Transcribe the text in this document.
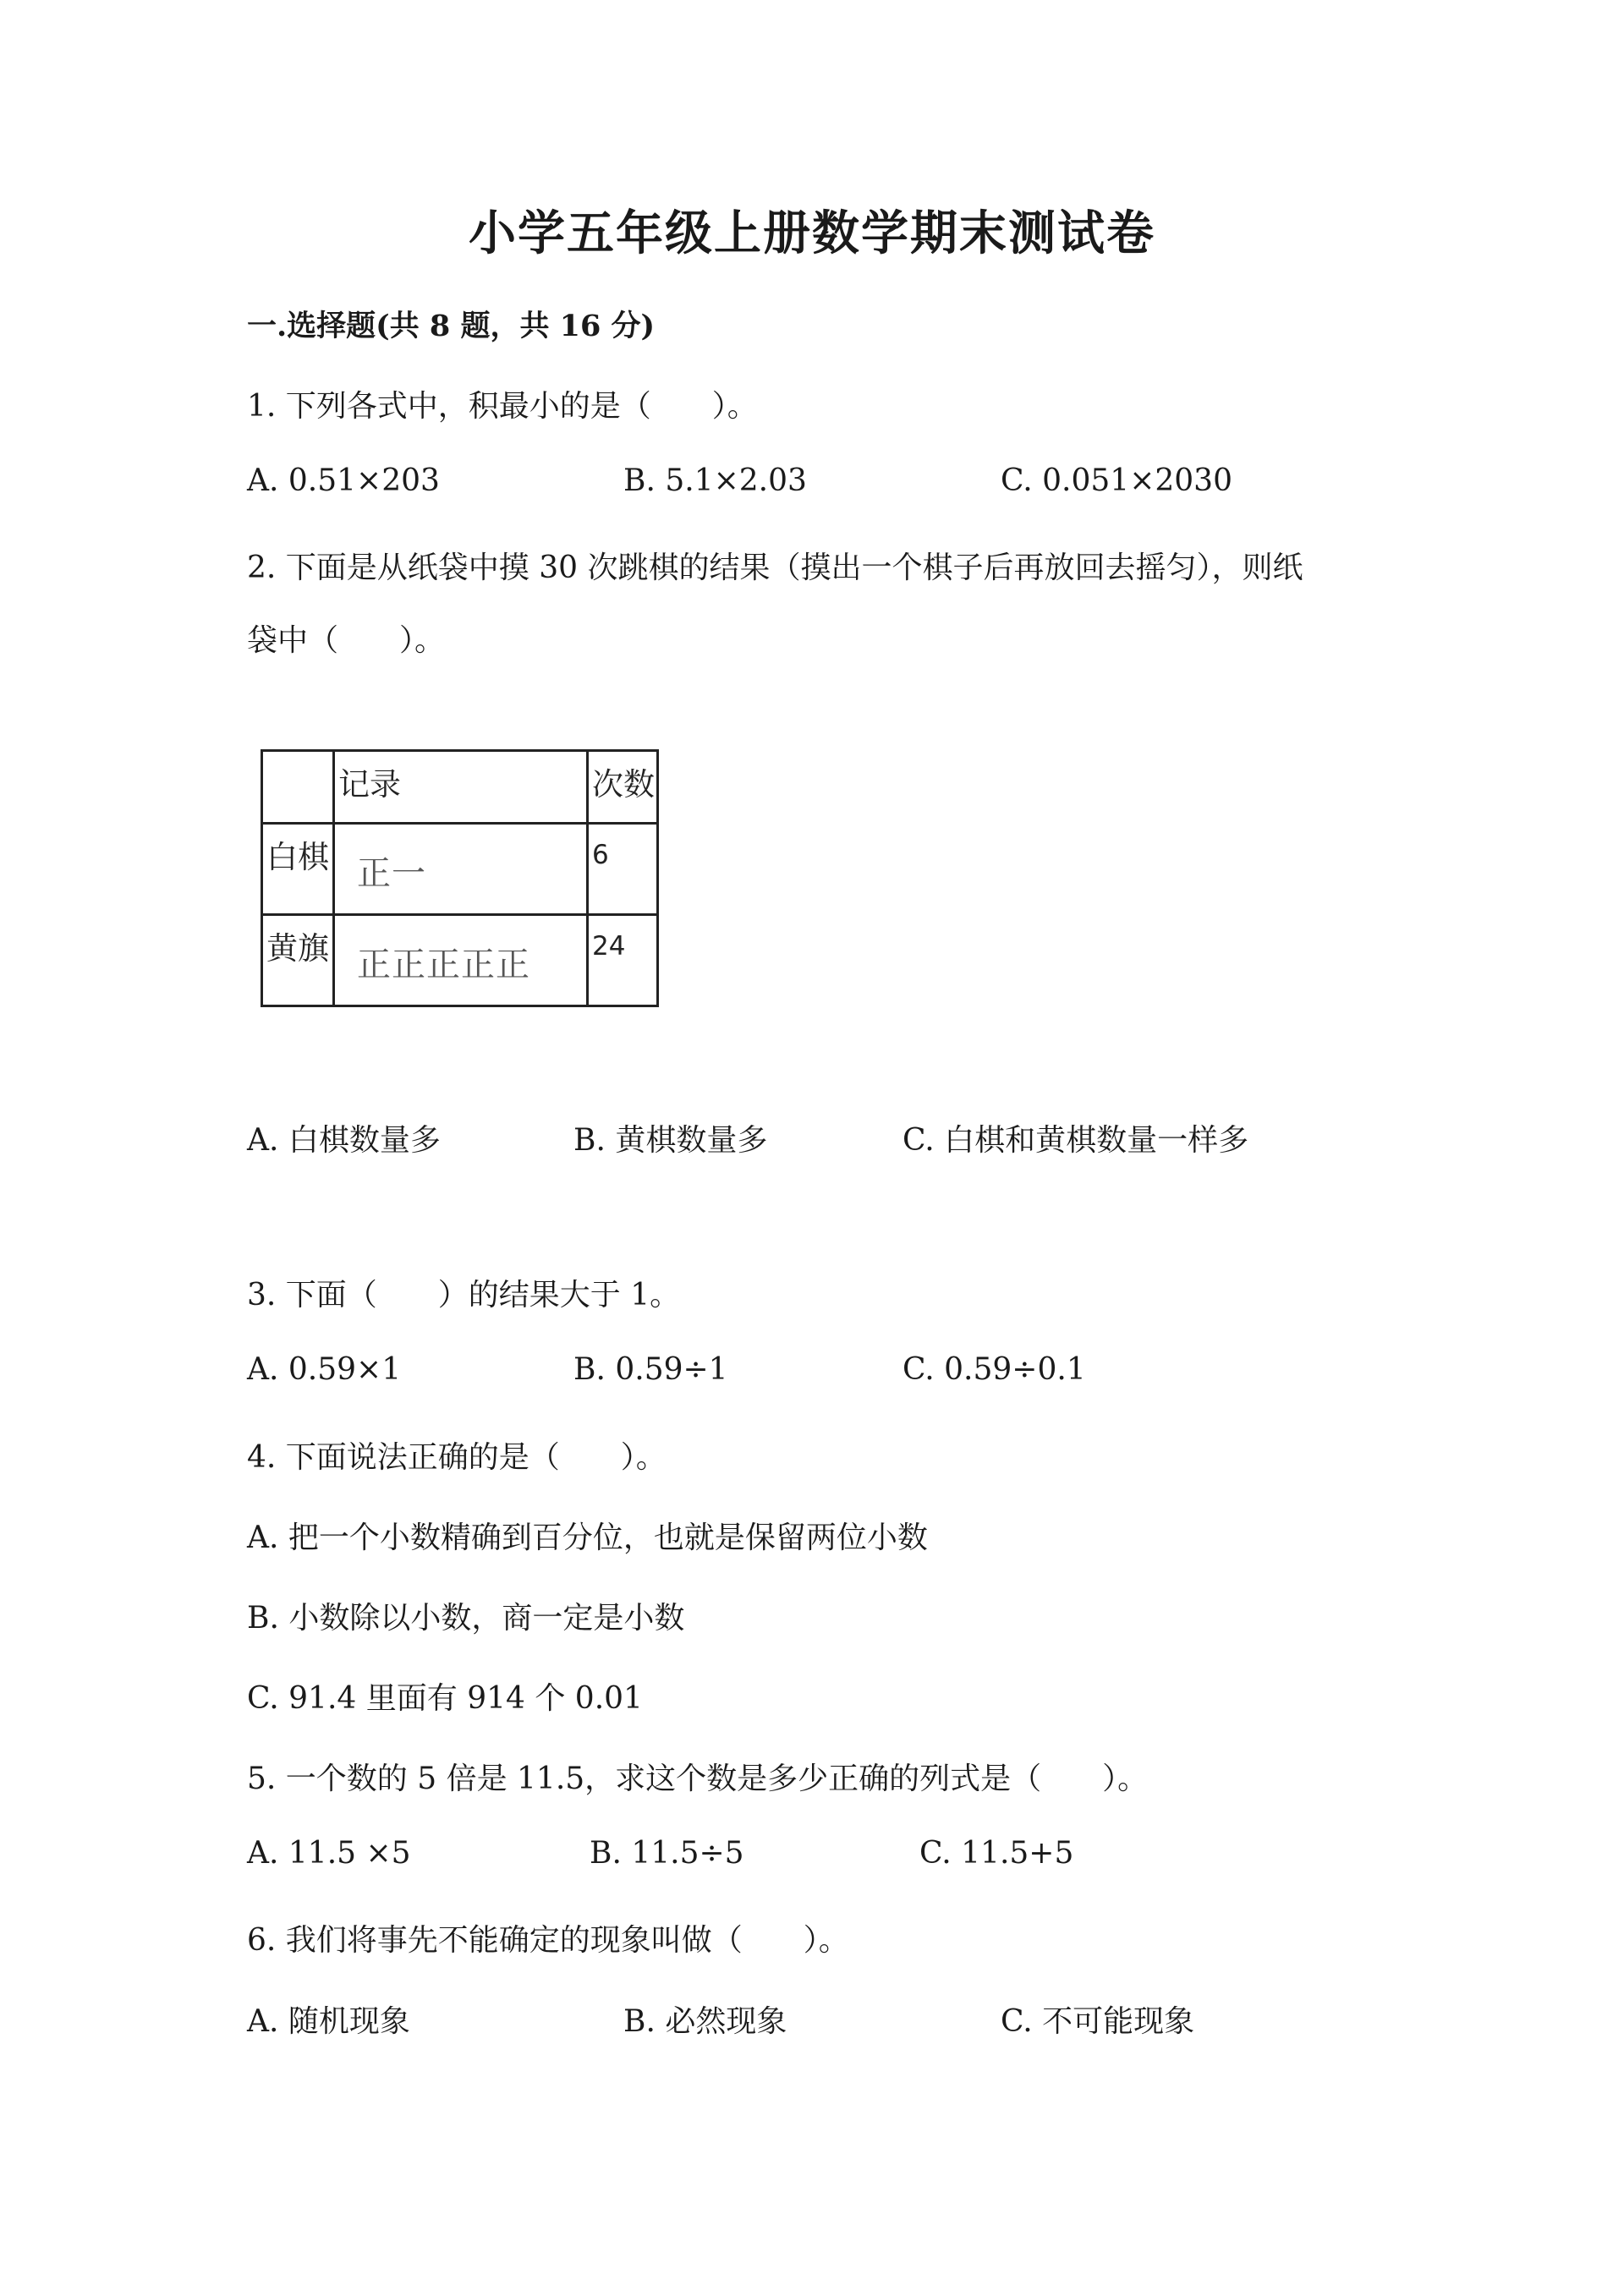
小学五年级上册数学期末测试卷
一.选择题(共 8 题，共 16 分)
1. 下列各式中，积最小的是（　　）。
A. 0.51×203	B. 5.1×2.03	C. 0.051×2030
2. 下面是从纸袋中摸 30 次跳棋的结果（摸出一个棋子后再放回去摇匀），则纸
袋中（　　）。

	记录	次数

白棋	正一	6

黄旗	正正正正正	24
A. 白棋数量多	B. 黄棋数量多	C. 白棋和黄棋数量一样多
3. 下面（　　）的结果大于 1。
A. 0.59×1	B. 0.59÷1	C. 0.59÷0.1
4. 下面说法正确的是（　　）。
A. 把一个小数精确到百分位，也就是保留两位小数
B. 小数除以小数，商一定是小数
C. 91.4 里面有 914 个 0.01
5. 一个数的 5 倍是 11.5，求这个数是多少正确的列式是（　　）。
A. 11.5 ×5	B. 11.5÷5	C. 11.5+5
6. 我们将事先不能确定的现象叫做（　　）。
A. 随机现象	B. 必然现象	C. 不可能现象
